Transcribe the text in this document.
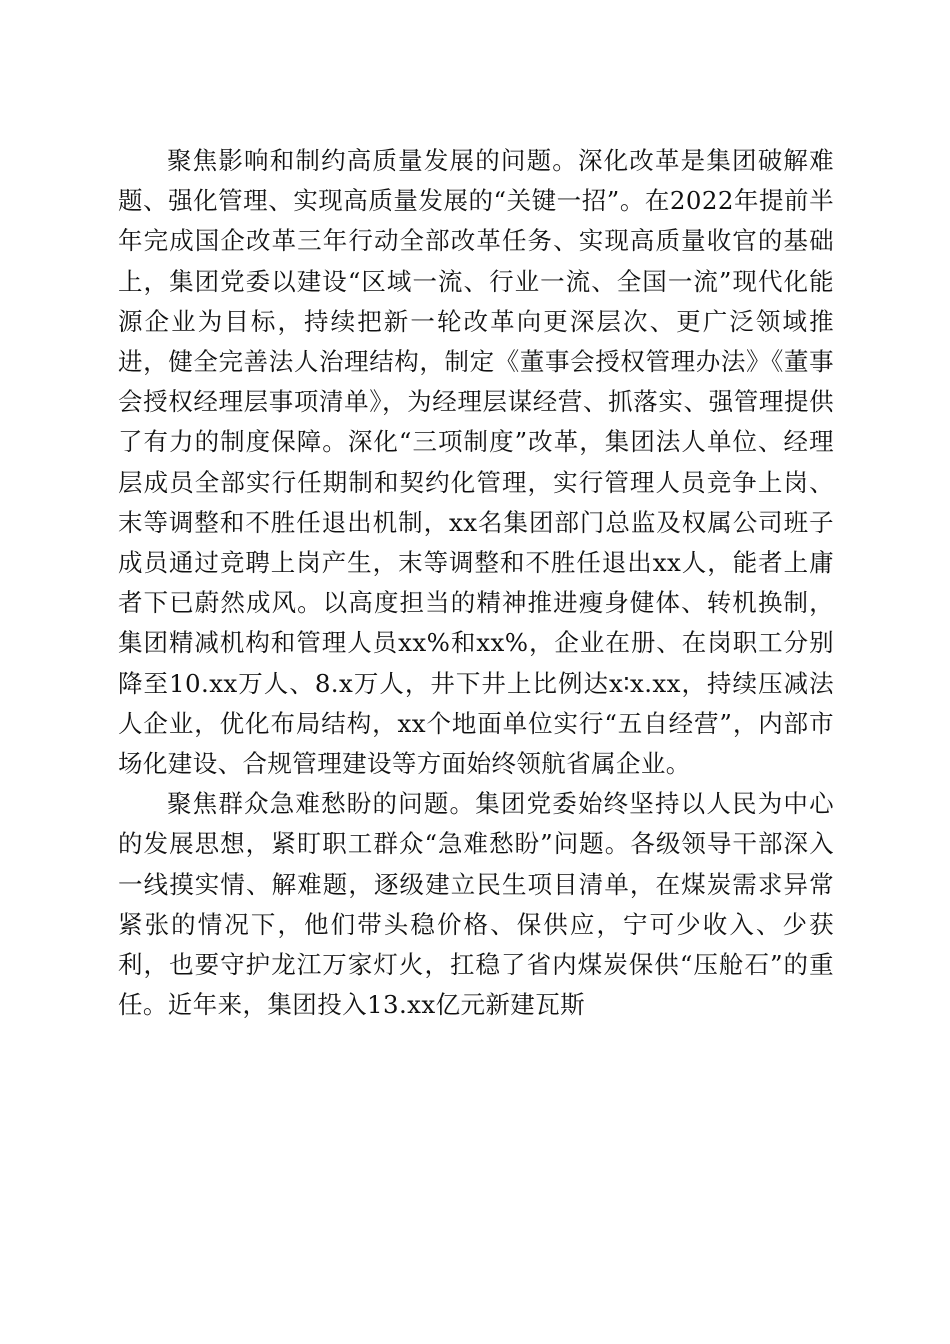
聚焦影响和制约高质量发展的问题。深化改革是集团破解难题、强化管理、实现高质量发展的“关键一招”。在2022年提前半年完成国企改革三年行动全部改革任务、实现高质量收官的基础上，集团党委以建设“区域一流、行业一流、全国一流”现代化能源企业为目标，持续把新一轮改革向更深层次、更广泛领域推进，健全完善法人治理结构，制定《董事会授权管理办法》《董事会授权经理层事项清单》，为经理层谋经营、抓落实、强管理提供了有力的制度保障。深化“三项制度”改革，集团法人单位、经理层成员全部实行任期制和契约化管理，实行管理人员竞争上岗、末等调整和不胜任退出机制，xx名集团部门总监及权属公司班子成员通过竞聘上岗产生，末等调整和不胜任退出xx人，能者上庸者下已蔚然成风。以高度担当的精神推进瘦身健体、转机换制，集团精减机构和管理人员xx%和xx%，企业在册、在岗职工分别降至10.xx万人、8.x万人，井下井上比例达x∶x.xx，持续压减法人企业，优化布局结构，xx个地面单位实行“五自经营”，内部市场化建设、合规管理建设等方面始终领航省属企业。

聚焦群众急难愁盼的问题。集团党委始终坚持以人民为中心的发展思想，紧盯职工群众“急难愁盼”问题。各级领导干部深入一线摸实情、解难题，逐级建立民生项目清单，在煤炭需求异常紧张的情况下，他们带头稳价格、保供应，宁可少收入、少获利，也要守护龙江万家灯火，扛稳了省内煤炭保供“压舱石”的重任。近年来，集团投入13.xx亿元新建瓦斯
